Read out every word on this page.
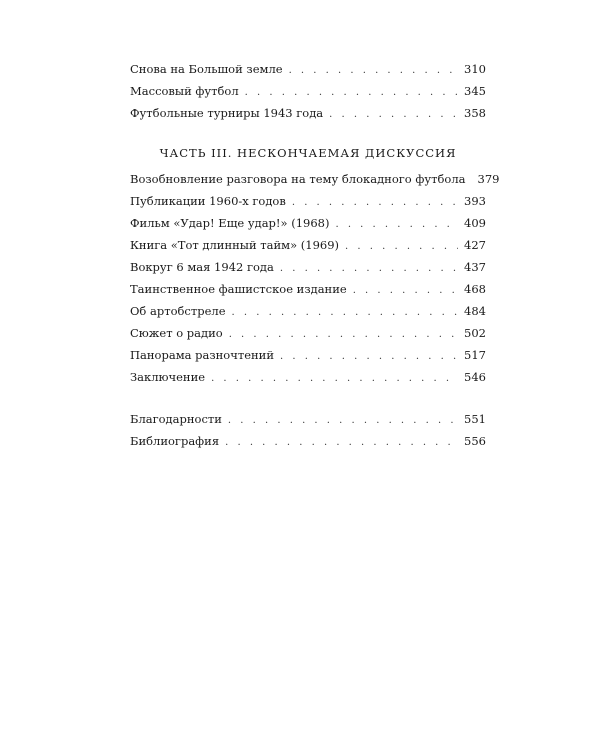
Снова на Большой земле . . .	310
Массовый футбол . . .	345
Футбольные турниры 1943 года . . .	358
ЧАСТЬ III. НЕСКОНЧАЕМАЯ ДИСКУССИЯ
Возобновление разговора на тему блокадного футбола 379
Публикации 1960-х годов . . .	393
Фильм «Удар! Еще удар!» (1968) . . .	409
Книга «Тот длинный тайм» (1969) . . .	427
Вокруг 6 мая 1942 года . . .	437
Таинственное фашистское издание . . .	468
Об артобстреле . . .	484
Сюжет о радио . . .	502
Панорама разночтений . . .	517
Заключение . . .	546
Благодарности . . .	551
Библиография . . .	556
